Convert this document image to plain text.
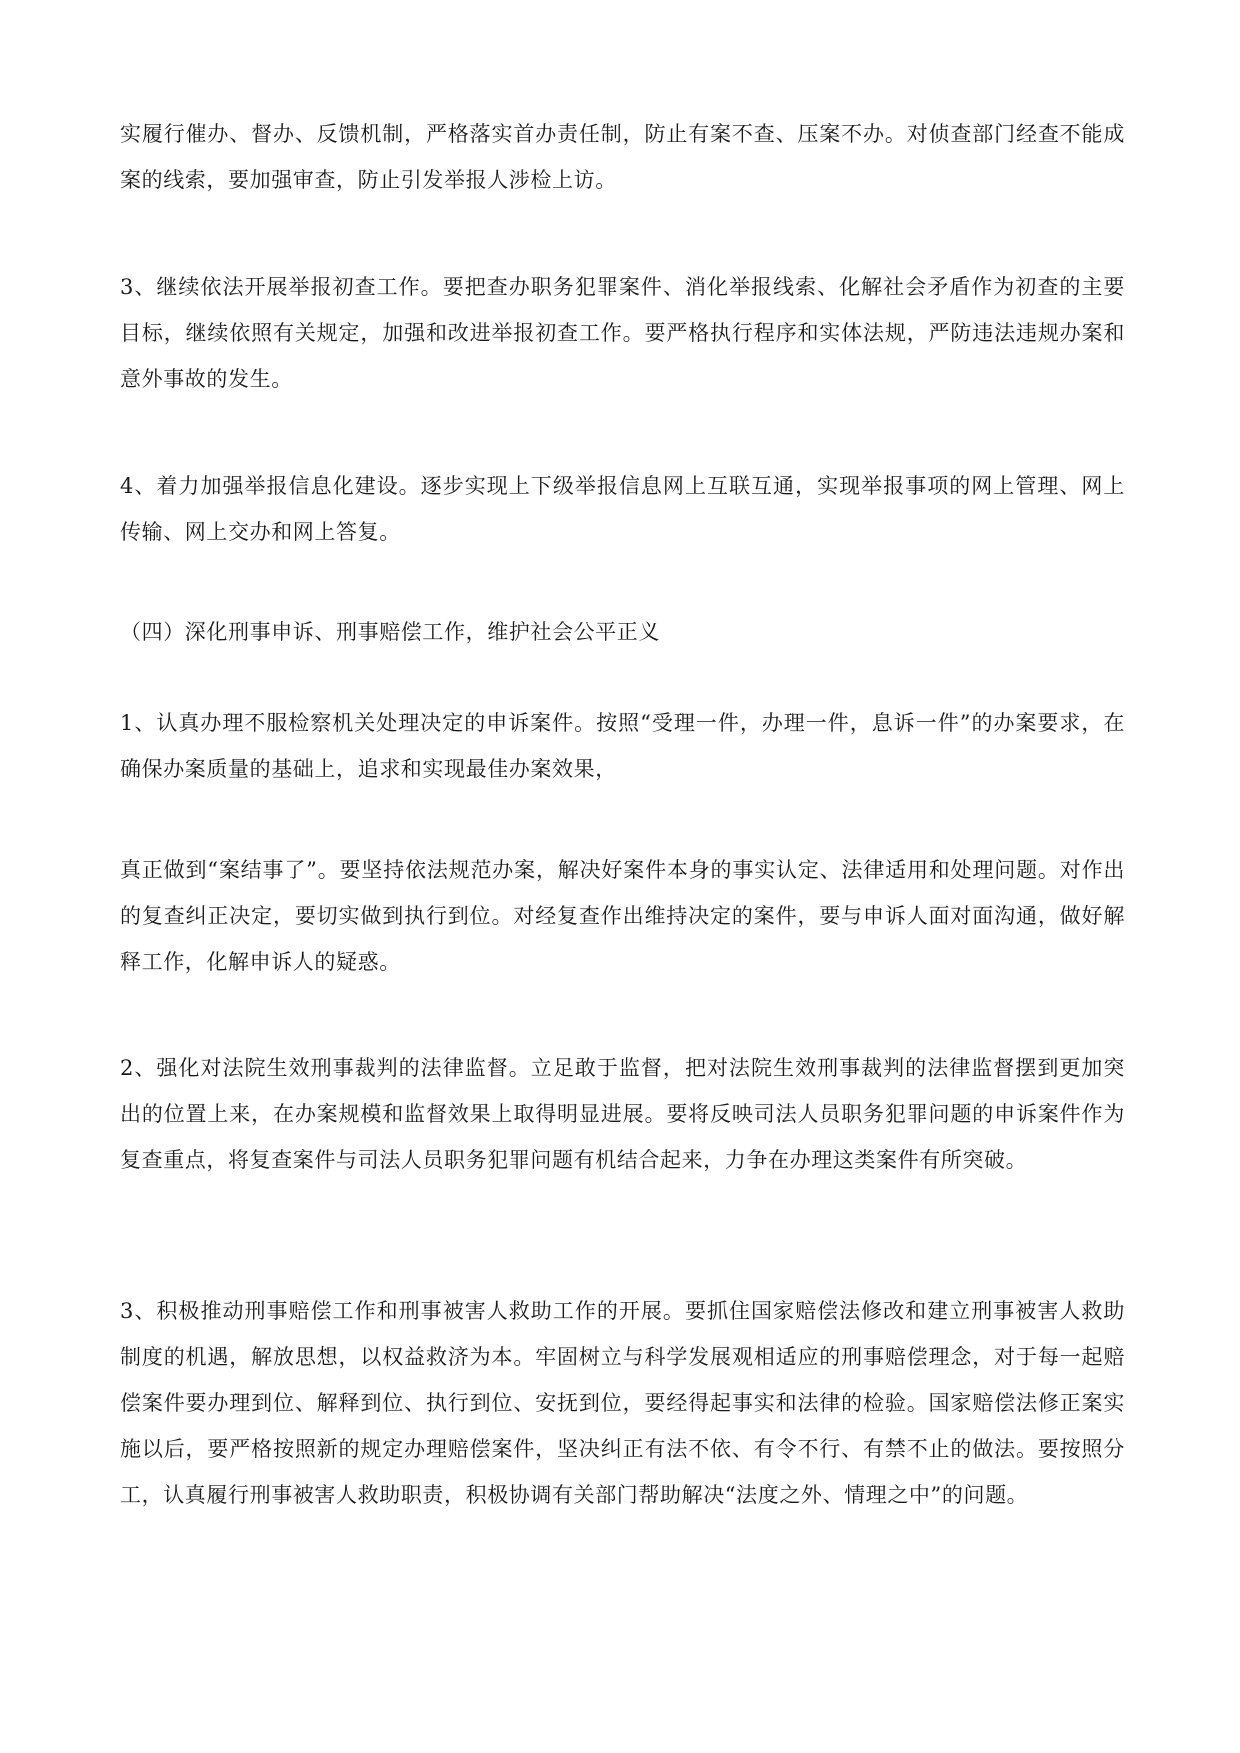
实履行催办、督办、反馈机制，严格落实首办责任制，防止有案不查、压案不办。对侦查部门经查不能成案的线索，要加强审查，防止引发举报人涉检上访。

3、继续依法开展举报初查工作。要把查办职务犯罪案件、消化举报线索、化解社会矛盾作为初查的主要目标，继续依照有关规定，加强和改进举报初查工作。要严格执行程序和实体法规，严防违法违规办案和意外事故的发生。

4、着力加强举报信息化建设。逐步实现上下级举报信息网上互联互通，实现举报事项的网上管理、网上传输、网上交办和网上答复。

（四）深化刑事申诉、刑事赔偿工作，维护社会公平正义

1、认真办理不服检察机关处理决定的申诉案件。按照“受理一件，办理一件，息诉一件”的办案要求，在确保办案质量的基础上，追求和实现最佳办案效果，

真正做到“案结事了”。要坚持依法规范办案，解决好案件本身的事实认定、法律适用和处理问题。对作出的复查纠正决定，要切实做到执行到位。对经复查作出维持决定的案件，要与申诉人面对面沟通，做好解释工作，化解申诉人的疑惑。

2、强化对法院生效刑事裁判的法律监督。立足敢于监督，把对法院生效刑事裁判的法律监督摆到更加突出的位置上来，在办案规模和监督效果上取得明显进展。要将反映司法人员职务犯罪问题的申诉案件作为复查重点，将复查案件与司法人员职务犯罪问题有机结合起来，力争在办理这类案件有所突破。

3、积极推动刑事赔偿工作和刑事被害人救助工作的开展。要抓住国家赔偿法修改和建立刑事被害人救助制度的机遇，解放思想，以权益救济为本。牢固树立与科学发展观相适应的刑事赔偿理念，对于每一起赔偿案件要办理到位、解释到位、执行到位、安抚到位，要经得起事实和法律的检验。国家赔偿法修正案实施以后，要严格按照新的规定办理赔偿案件，坚决纠正有法不依、有令不行、有禁不止的做法。要按照分工，认真履行刑事被害人救助职责，积极协调有关部门帮助解决“法度之外、情理之中”的问题。
